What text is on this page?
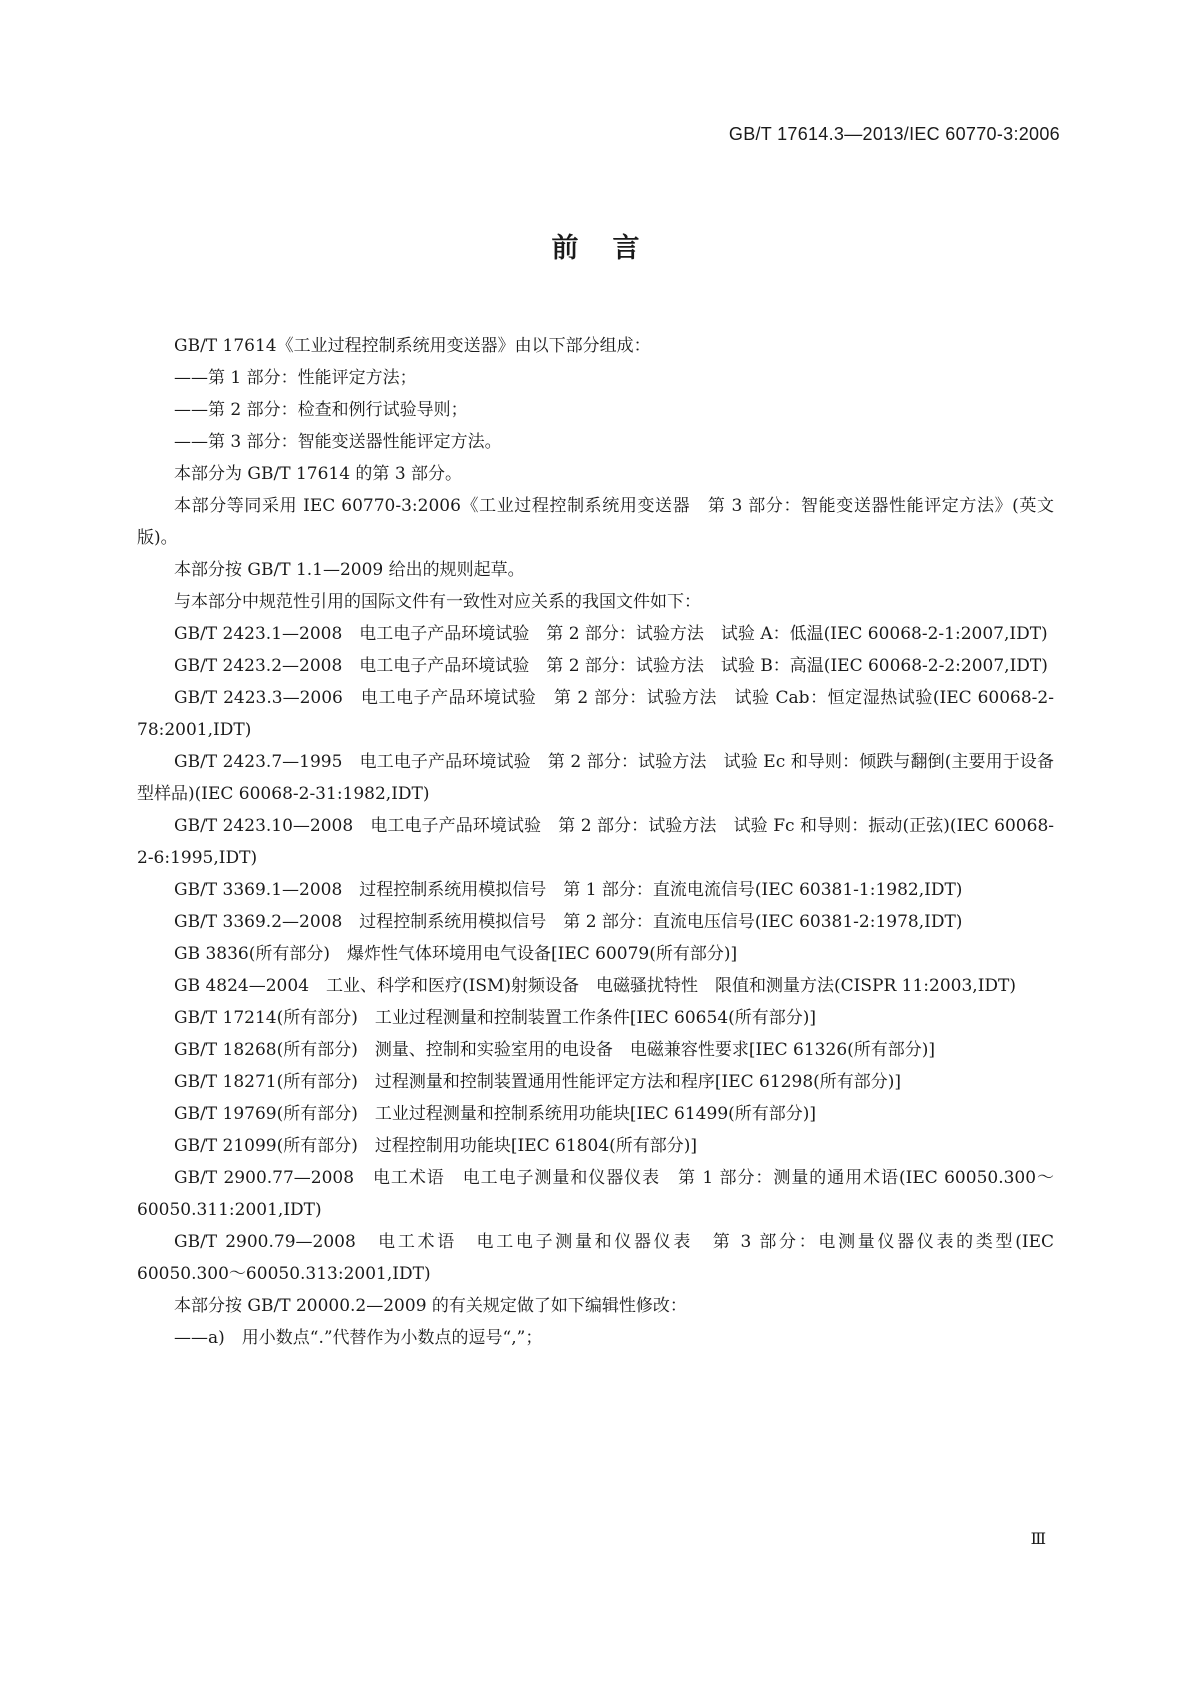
GB/T 17614.3—2013/IEC 60770-3:2006
前言

GB/T 17614《工业过程控制系统用变送器》由以下部分组成：

——第 1 部分：性能评定方法；

——第 2 部分：检查和例行试验导则；

——第 3 部分：智能变送器性能评定方法。

本部分为 GB/T 17614 的第 3 部分。

本部分等同采用 IEC 60770-3:2006《工业过程控制系统用变送器　第 3 部分：智能变送器性能评定方法》(英文版)。

本部分按 GB/T 1.1—2009 给出的规则起草。

与本部分中规范性引用的国际文件有一致性对应关系的我国文件如下：

GB/T 2423.1—2008　电工电子产品环境试验　第 2 部分：试验方法　试验 A：低温(IEC 60068-2-1:2007,IDT)

GB/T 2423.2—2008　电工电子产品环境试验　第 2 部分：试验方法　试验 B：高温(IEC 60068-2-2:2007,IDT)

GB/T 2423.3—2006　电工电子产品环境试验　第 2 部分：试验方法　试验 Cab：恒定湿热试验(IEC 60068-2-78:2001,IDT)

GB/T 2423.7—1995　电工电子产品环境试验　第 2 部分：试验方法　试验 Ec 和导则：倾跌与翻倒(主要用于设备型样品)(IEC 60068-2-31:1982,IDT)

GB/T 2423.10—2008　电工电子产品环境试验　第 2 部分：试验方法　试验 Fc 和导则：振动(正弦)(IEC 60068-2-6:1995,IDT)

GB/T 3369.1—2008　过程控制系统用模拟信号　第 1 部分：直流电流信号(IEC 60381-1:1982,IDT)

GB/T 3369.2—2008　过程控制系统用模拟信号　第 2 部分：直流电压信号(IEC 60381-2:1978,IDT)

GB 3836(所有部分)　爆炸性气体环境用电气设备[IEC 60079(所有部分)]

GB 4824—2004　工业、科学和医疗(ISM)射频设备　电磁骚扰特性　限值和测量方法(CISPR 11:2003,IDT)

GB/T 17214(所有部分)　工业过程测量和控制装置工作条件[IEC 60654(所有部分)]

GB/T 18268(所有部分)　测量、控制和实验室用的电设备　电磁兼容性要求[IEC 61326(所有部分)]

GB/T 18271(所有部分)　过程测量和控制装置通用性能评定方法和程序[IEC 61298(所有部分)]

GB/T 19769(所有部分)　工业过程测量和控制系统用功能块[IEC 61499(所有部分)]

GB/T 21099(所有部分)　过程控制用功能块[IEC 61804(所有部分)]

GB/T 2900.77—2008　电工术语　电工电子测量和仪器仪表　第 1 部分：测量的通用术语(IEC 60050.300～60050.311:2001,IDT)

GB/T 2900.79—2008　电工术语　电工电子测量和仪器仪表　第 3 部分：电测量仪器仪表的类型(IEC 60050.300～60050.313:2001,IDT)

本部分按 GB/T 20000.2—2009 的有关规定做了如下编辑性修改：

——a)　用小数点“.”代替作为小数点的逗号“,”；

Ⅲ
